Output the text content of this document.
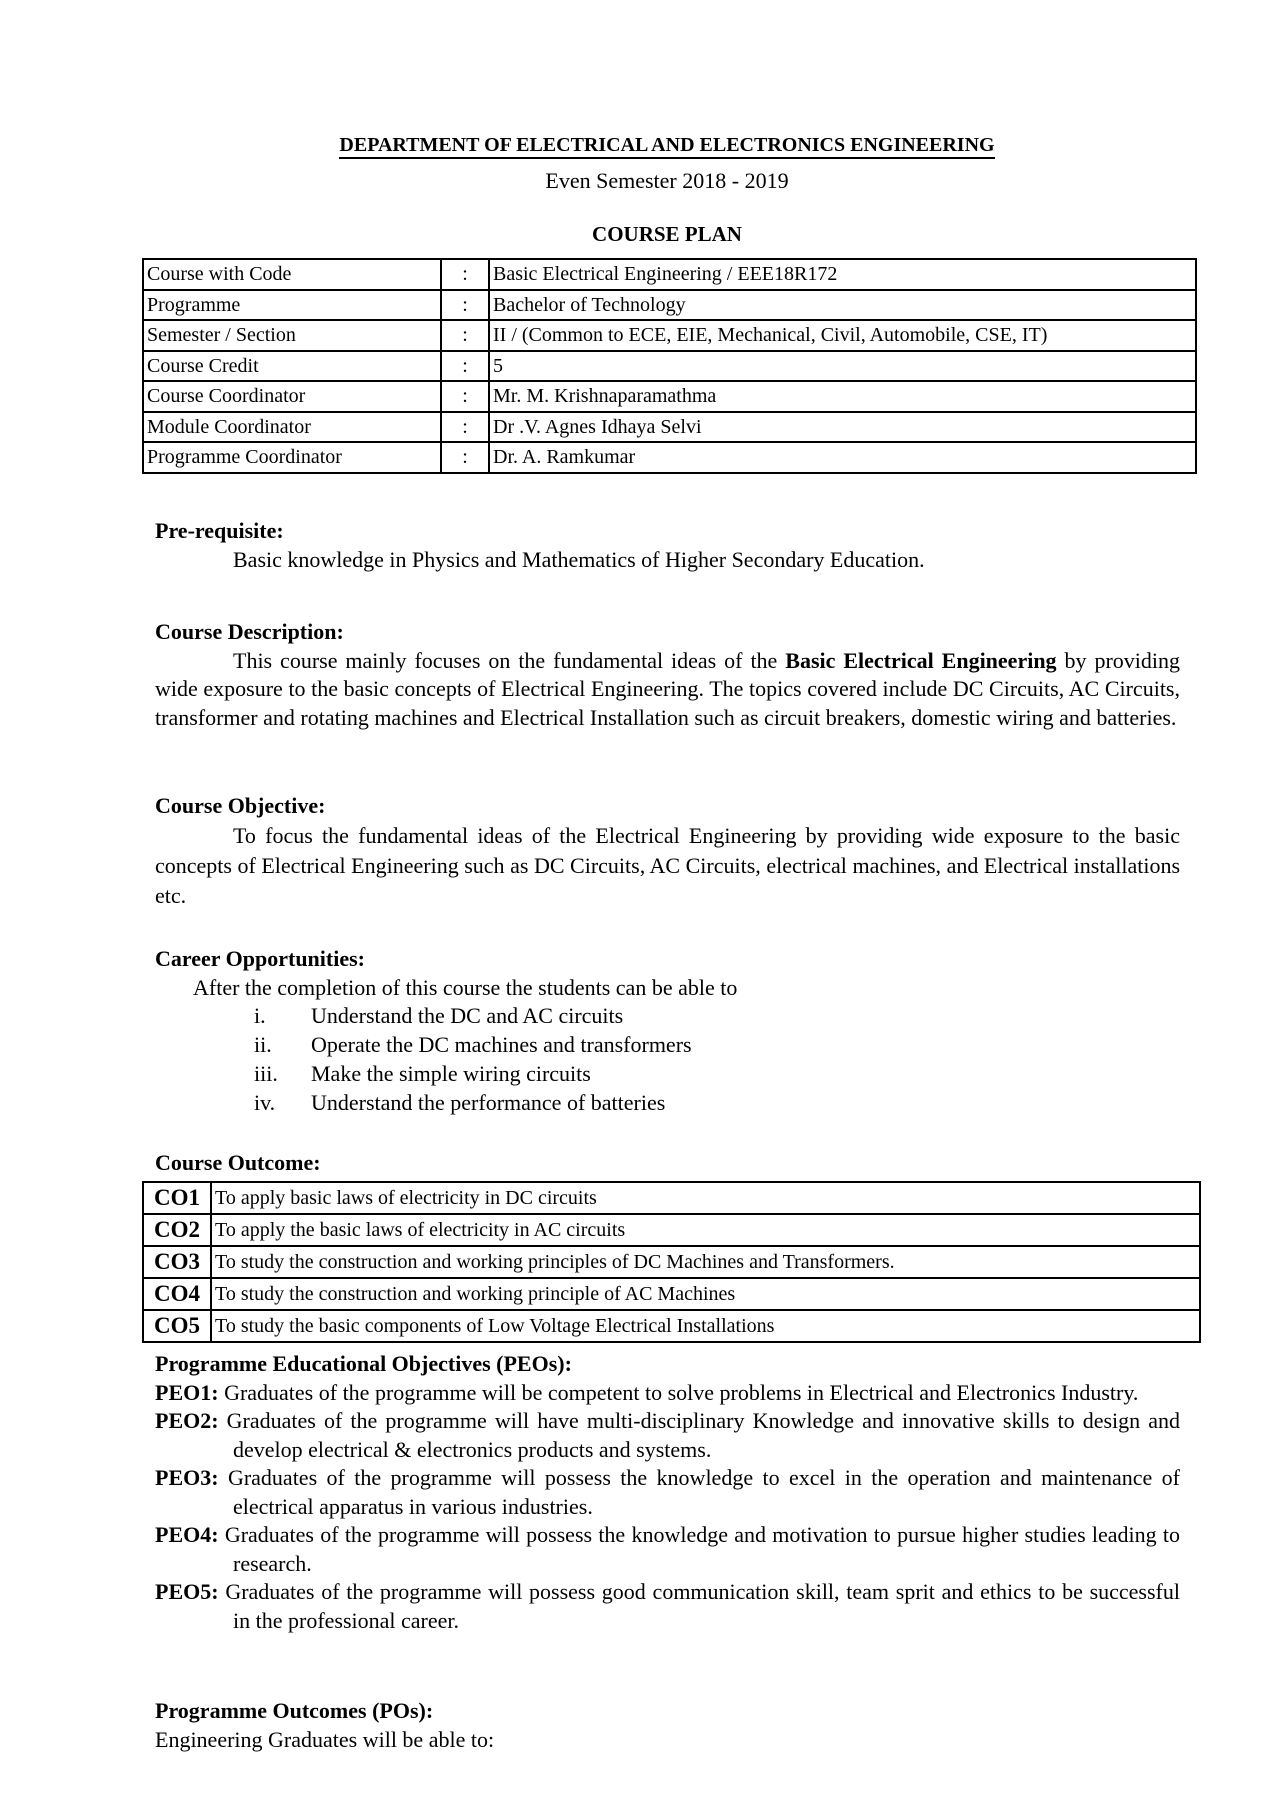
DEPARTMENT OF ELECTRICAL AND ELECTRONICS ENGINEERING
Even Semester 2018 - 2019
COURSE PLAN
Course with Code	:	Basic Electrical Engineering / EEE18R172
Programme	:	Bachelor of Technology
Semester / Section	:	II / (Common to ECE, EIE, Mechanical, Civil, Automobile, CSE, IT)
Course Credit	:	5
Course Coordinator	:	Mr. M. Krishnaparamathma
Module Coordinator	:	Dr .V. Agnes Idhaya Selvi
Programme Coordinator	:	Dr. A. Ramkumar
Pre-requisite:

Basic knowledge in Physics and Mathematics of Higher Secondary Education.

Course Description:

This course mainly focuses on the fundamental ideas of the Basic Electrical Engineering by providing wide exposure to the basic concepts of Electrical Engineering. The topics covered include DC Circuits, AC Circuits, transformer and rotating machines and Electrical Installation such as circuit breakers, domestic wiring and batteries.

Course Objective:

To focus the fundamental ideas of the Electrical Engineering by providing wide exposure to the basic concepts of Electrical Engineering such as DC Circuits, AC Circuits, electrical machines, and Electrical installations etc.

Career Opportunities:
After the completion of this course the students can be able to
i.	Understand the DC and AC circuits
ii.	Operate the DC machines and transformers
iii.	Make the simple wiring circuits
iv.	Understand the performance of batteries
Course Outcome:
CO1	To apply basic laws of electricity in DC circuits
CO2	To apply the basic laws of electricity in AC circuits
CO3	To study the construction and working principles of DC Machines and Transformers.
CO4	To study the construction and working principle of AC Machines
CO5	To study the basic components of Low Voltage Electrical Installations
Programme Educational Objectives (PEOs):

PEO1: Graduates of the programme will be competent to solve problems in Electrical and Electronics Industry.

PEO2: Graduates of the programme will have multi-disciplinary Knowledge and innovative skills to design and develop electrical & electronics products and systems.

PEO3: Graduates of the programme will possess the knowledge to excel in the operation and maintenance of electrical apparatus in various industries.

PEO4: Graduates of the programme will possess the knowledge and motivation to pursue higher studies leading to research.

PEO5: Graduates of the programme will possess good communication skill, team sprit and ethics to be successful in the professional career.

Programme Outcomes (POs):
Engineering Graduates will be able to:
